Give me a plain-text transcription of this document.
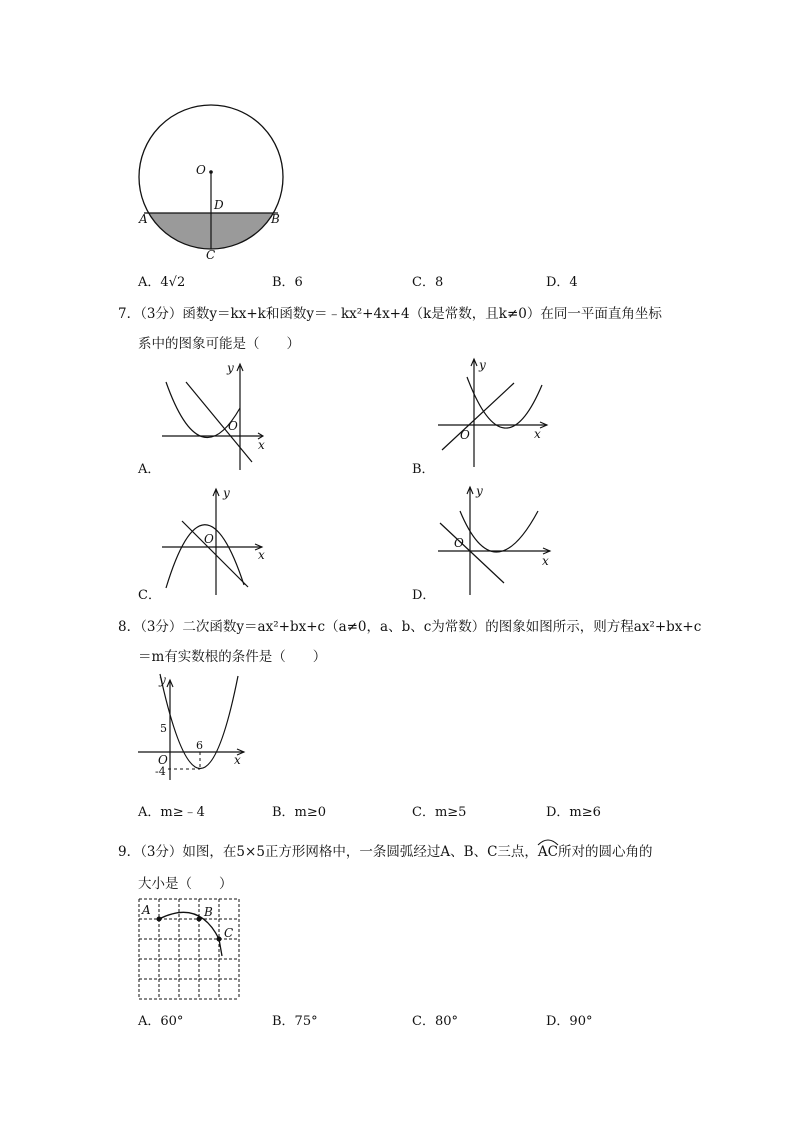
O
D
A	B
C
A．4√2	B．6	C．8	D．4
7．（3分）函数y＝kx+k和函数y＝﹣kx²+4x+4（k是常数，且k≠0）在同一平面直角坐标
系中的图象可能是（　　）
O
x
y
A．
O	x
y
B．
O
x
y
C．
O
x
y
D．
8．（3分）二次函数y＝ax²+bx+c（a≠0，a、b、c为常数）的图象如图所示，则方程ax²+bx+c
＝m有实数根的条件是（　　）
y
5
6
O
-4
x
A．m≥﹣4	B．m≥0	C．m≥5	D．m≥6
9．（3分）如图，在5×5正方形网格中，一条圆弧经过A、B、C三点，
AC所对的圆心角的
大小是（　　）
A	B
C
A．60°	B．75°	C．80°	D．90°
